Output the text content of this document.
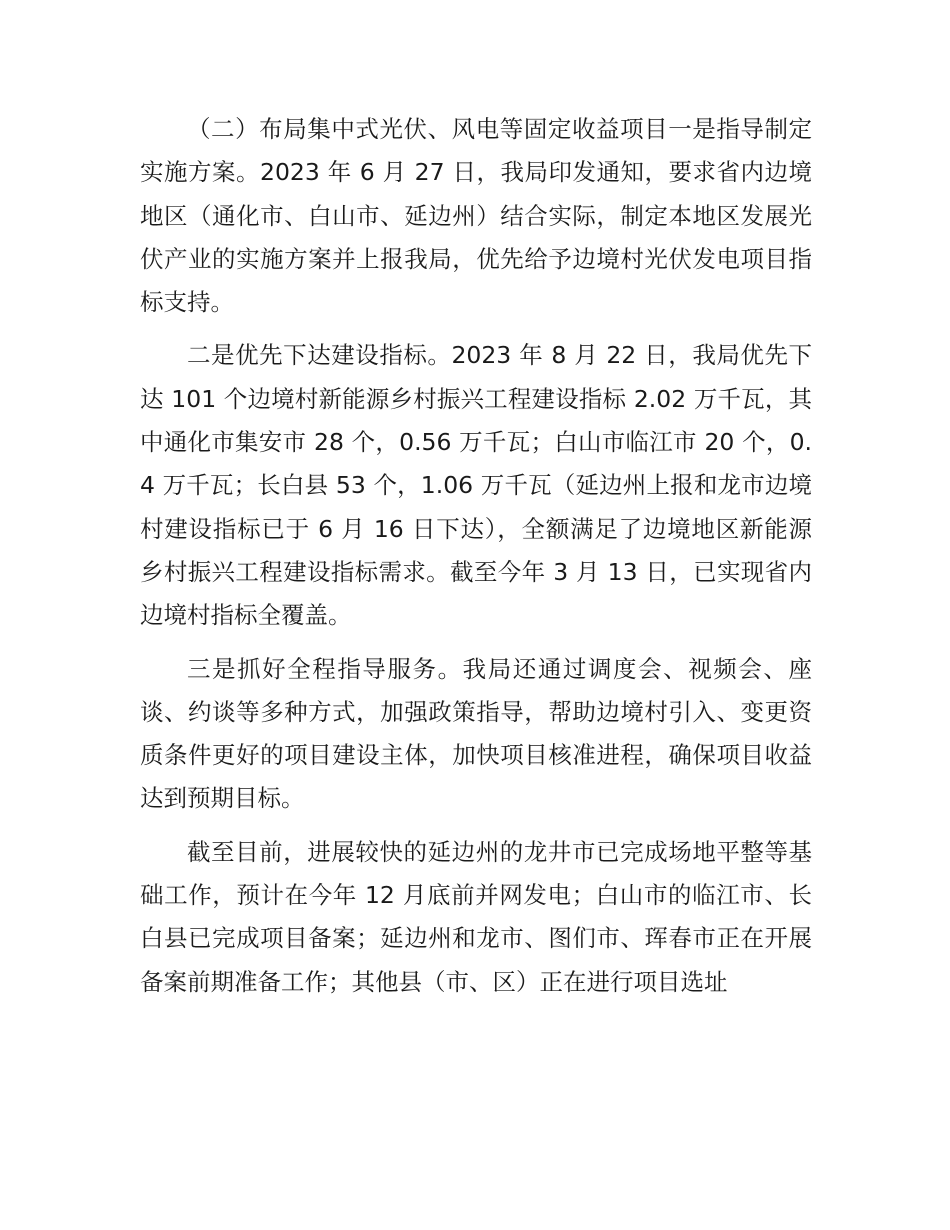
（二）布局集中式光伏、风电等固定收益项目一是指导制定实施方案。2023 年 6 月 27 日，我局印发通知，要求省内边境地区（通化市、白山市、延边州）结合实际，制定本地区发展光伏产业的实施方案并上报我局，优先给予边境村光伏发电项目指标支持。

二是优先下达建设指标。2023 年 8 月 22 日，我局优先下达 101 个边境村新能源乡村振兴工程建设指标 2.02 万千瓦，其中通化市集安市 28 个，0.56 万千瓦；白山市临江市 20 个，0.4 万千瓦；长白县 53 个，1.06 万千瓦（延边州上报和龙市边境村建设指标已于 6 月 16 日下达），全额满足了边境地区新能源乡村振兴工程建设指标需求。截至今年 3 月 13 日，已实现省内边境村指标全覆盖。

三是抓好全程指导服务。我局还通过调度会、视频会、座谈、约谈等多种方式，加强政策指导，帮助边境村引入、变更资质条件更好的项目建设主体，加快项目核准进程，确保项目收益达到预期目标。

截至目前，进展较快的延边州的龙井市已完成场地平整等基础工作，预计在今年 12 月底前并网发电；白山市的临江市、长白县已完成项目备案；延边州和龙市、图们市、珲春市正在开展备案前期准备工作；其他县（市、区）正在进行项目选址
